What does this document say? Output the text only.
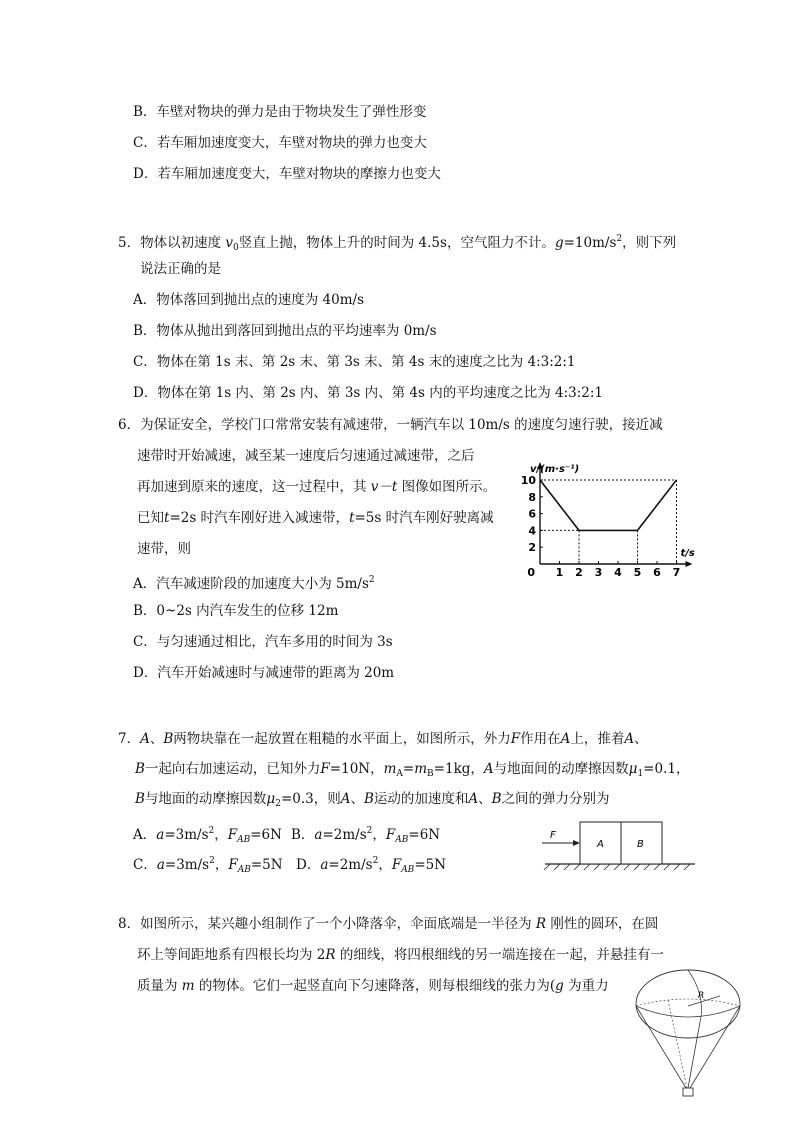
B．车壁对物块的弹力是由于物块发生了弹性形变
C．若车厢加速度变大，车壁对物块的弹力也变大
D．若车厢加速度变大，车壁对物块的摩擦力也变大
5．物体以初速度 $v_0$竖直上抛，物体上升的时间为 4.5s，空气阻力不计。$g=10m/s^2$，则下列
说法正确的是
A．物体落回到抛出点的速度为 40m/s
B．物体从抛出到落回到抛出点的平均速率为 0m/s
C．物体在第 1s 末、第 2s 末、第 3s 末、第 4s 末的速度之比为 4:3:2:1
D．物体在第 1s 内、第 2s 内、第 3s 内、第 4s 内的平均速度之比为 4:3:2:1
6．为保证安全，学校门口常常安装有减速带，一辆汽车以 10m/s 的速度匀速行驶，接近减
速带时开始减速，减至某一速度后匀速通过减速带，之后
再加速到原来的速度，这一过程中，其 v－t 图像如图所示。
已知t=2s 时汽车刚好进入减速带，t=5s 时汽车刚好驶离减
速带，则
A．汽车减速阶段的加速度大小为 $5m/s^2$
B．0~2s 内汽车发生的位移 12m
C．与匀速通过相比，汽车多用的时间为 3s
D．汽车开始减速时与减速带的距离为 20m
1 2 3 4 5 6 7
2
4
6
8
10
0
v/(m·s⁻¹)
t/s
7．A、B两物块靠在一起放置在粗糙的水平面上，如图所示，外力F作用在A上，推着A、
B一起向右加速运动，已知外力F=10N，$m_A=m_B=1kg$，A与地面间的动摩擦因数$\mu_1=0.1$，
B与地面的动摩擦因数$\mu_2=0.3$，则A、B运动的加速度和A、B之间的弹力分别为
A．$a=3m/s^2$，$F_{AB}=6N$ B．$a=2m/s^2$，$F_{AB}=6N$
C．$a=3m/s^2$，$F_{AB}=5N$ D．$a=2m/s^2$，$F_{AB}=5N$
F
A	B
8．如图所示，某兴趣小组制作了一个小降落伞，伞面底端是一半径为 R 刚性的圆环，在圆
环上等间距地系有四根长均为 2R 的细线，将四根细线的另一端连接在一起，并悬挂有一
质量为 m 的物体。它们一起竖直向下匀速降落，则每根细线的张力为(g 为重力
R
